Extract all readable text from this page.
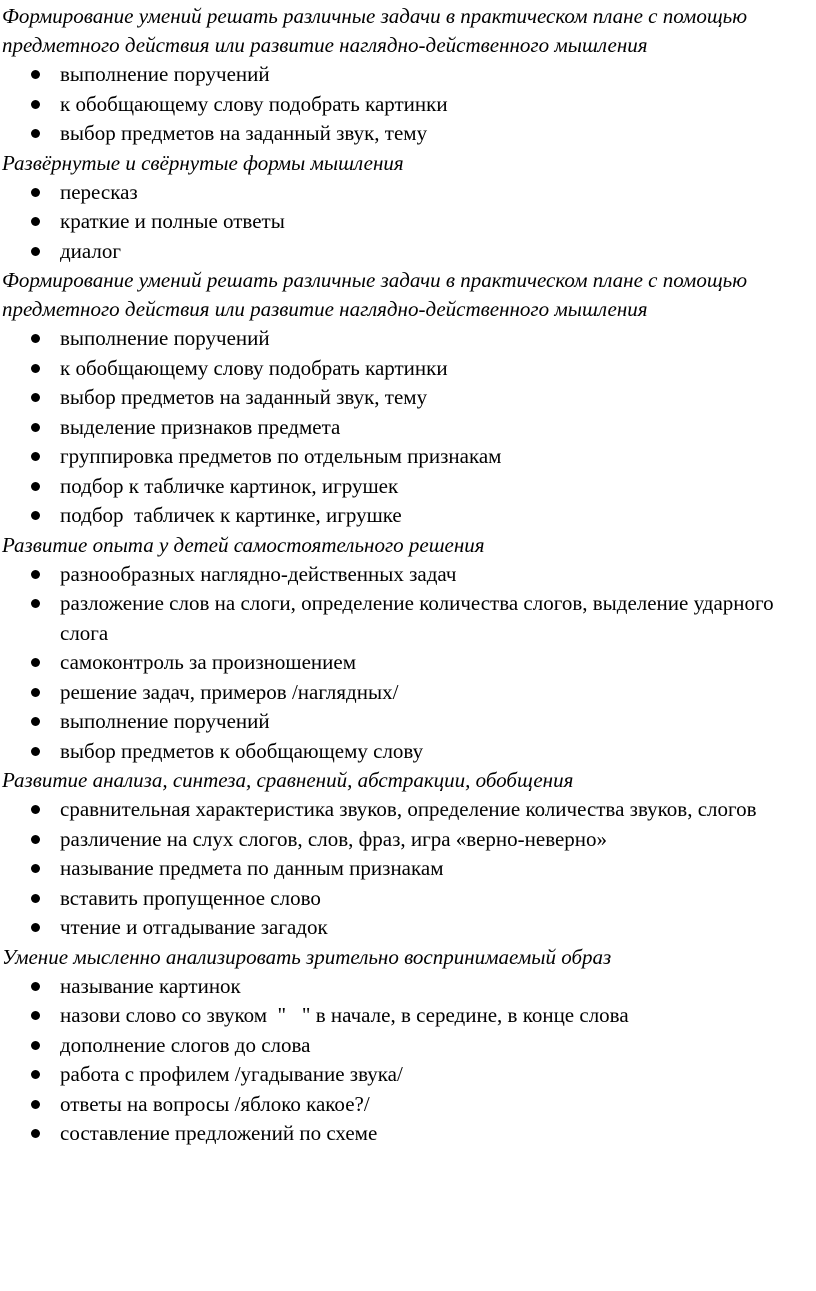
Формирование умений решать различные задачи в практическом плане с помощью предметного действия или развитие наглядно-действенного мышления

выполнение поручений
к обобщающему слову подобрать картинки
выбор предметов на заданный звук, тему

Развёрнутые и свёрнутые формы мышления

пересказ
краткие и полные ответы
диалог

Формирование умений решать различные задачи в практическом плане с помощью предметного действия или развитие наглядно-действенного мышления

выполнение поручений
к обобщающему слову подобрать картинки
выбор предметов на заданный звук, тему
выделение признаков предмета
группировка предметов по отдельным признакам
подбор к табличке картинок, игрушек
подбор  табличек к картинке, игрушке

Развитие опыта у детей самостоятельного решения

разнообразных наглядно-действенных задач
разложение слов на слоги, определение количества слогов, выделение ударного слога
самоконтроль за произношением
решение задач, примеров /наглядных/
выполнение поручений
выбор предметов к обобщающему слову

Развитие анализа, синтеза, сравнений, абстракции, обобщения

сравнительная характеристика звуков, определение количества звуков, слогов
различение на слух слогов, слов, фраз, игра «верно-неверно»
называние предмета по данным признакам
вставить пропущенное слово
чтение и отгадывание загадок

Умение мысленно анализировать зрительно воспринимаемый образ

называние картинок
назови слово со звуком  "   " в начале, в середине, в конце слова
дополнение слогов до слова
работа с профилем /угадывание звука/
ответы на вопросы /яблоко какое?/
составление предложений по схеме
